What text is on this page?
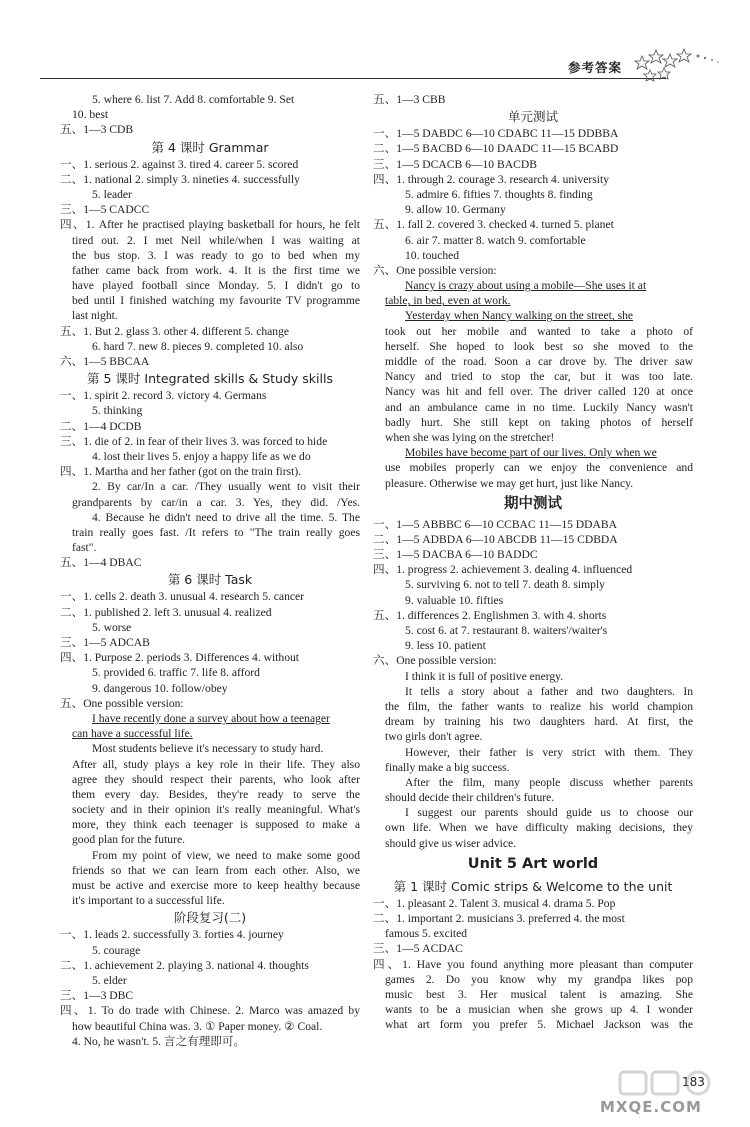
参考答案
5. where 6. list 7. Add 8. comfortable 9. Set
10. best
五、1—3 CDB
第 4 课时 Grammar
一、1. serious 2. against 3. tired 4. career 5. scored
二、1. national 2. simply 3. nineties 4. successfully
5. leader
三、1—5 CADCC
四、1. After he practised playing basketball for hours, he felt
tired out. 2. I met Neil while/when I was waiting at
the bus stop. 3. I was ready to go to bed when my
father came back from work. 4. It is the first time we
have played football since Monday. 5. I didn't go to
bed until I finished watching my favourite TV programme
last night.
五、1. But 2. glass 3. other 4. different 5. change
6. hard 7. new 8. pieces 9. completed 10. also
六、1—5 BBCAA
第 5 课时 Integrated skills & Study skills
一、1. spirit 2. record 3. victory 4. Germans
5. thinking
二、1—4 DCDB
三、1. die of 2. in fear of their lives 3. was forced to hide
4. lost their lives 5. enjoy a happy life as we do
四、1. Martha and her father (got on the train first).
2. By car/In a car. /They usually went to visit their
grandparents by car/in a car. 3. Yes, they did. /Yes.
4. Because he didn't need to drive all the time. 5. The
train really goes fast. /It refers to "The train really goes
fast".
五、1—4 DBAC
第 6 课时 Task
一、1. cells 2. death 3. unusual 4. research 5. cancer
二、1. published 2. left 3. unusual 4. realized
5. worse
三、1—5 ADCAB
四、1. Purpose 2. periods 3. Differences 4. without
5. provided 6. traffic 7. life 8. afford
9. dangerous 10. follow/obey
五、One possible version:
I have recently done a survey about how a teenager
can have a successful life.
Most students believe it's necessary to study hard.
After all, study plays a key role in their life. They also
agree they should respect their parents, who look after
them every day. Besides, they're ready to serve the
society and in their opinion it's really meaningful. What's
more, they think each teenager is supposed to make a
good plan for the future.
From my point of view, we need to make some good
friends so that we can learn from each other. Also, we
must be active and exercise more to keep healthy because
it's important to a successful life.
阶段复习(二)
一、1. leads 2. successfully 3. forties 4. journey
5. courage
二、1. achievement 2. playing 3. national 4. thoughts
5. elder
三、1—3 DBC
四、1. To do trade with Chinese. 2. Marco was amazed by
how beautiful China was. 3. ① Paper money. ② Coal.
4. No, he wasn't. 5. 言之有理即可。
五、1—3 CBB
单元测试
一、1—5 DABDC 6—10 CDABC 11—15 DDBBA
二、1—5 BACBD 6—10 DAADC 11—15 BCABD
三、1—5 DCACB 6—10 BACDB
四、1. through 2. courage 3. research 4. university
5. admire 6. fifties 7. thoughts 8. finding
9. allow 10. Germany
五、1. fall 2. covered 3. checked 4. turned 5. planet
6. air 7. matter 8. watch 9. comfortable
10. touched
六、One possible version:
Nancy is crazy about using a mobile—She uses it at
table, in bed, even at work.
Yesterday when Nancy walking on the street, she
took out her mobile and wanted to take a photo of
herself. She hoped to look best so she moved to the
middle of the road. Soon a car drove by. The driver saw
Nancy and tried to stop the car, but it was too late.
Nancy was hit and fell over. The driver called 120 at once
and an ambulance came in no time. Luckily Nancy wasn't
badly hurt. She still kept on taking photos of herself
when she was lying on the stretcher!
Mobiles have become part of our lives. Only when we
use mobiles properly can we enjoy the convenience and
pleasure. Otherwise we may get hurt, just like Nancy.
期中测试
一、1—5 ABBBC 6—10 CCBAC 11—15 DDABA
二、1—5 ADBDA 6—10 ABCDB 11—15 CDBDA
三、1—5 DACBA 6—10 BADDC
四、1. progress 2. achievement 3. dealing 4. influenced
5. surviving 6. not to tell 7. death 8. simply
9. valuable 10. fifties
五、1. differences 2. Englishmen 3. with 4. shorts
5. cost 6. at 7. restaurant 8. waiters'/waiter's
9. less 10. patient
六、One possible version:
I think it is full of positive energy.
It tells a story about a father and two daughters. In
the film, the father wants to realize his world champion
dream by training his two daughters hard. At first, the
two girls don't agree.
However, their father is very strict with them. They
finally make a big success.
After the film, many people discuss whether parents
should decide their children's future.
I suggest our parents should guide us to choose our
own life. When we have difficulty making decisions, they
should give us wiser advice.
Unit 5 Art world
第 1 课时 Comic strips & Welcome to the unit
一、1. pleasant 2. Talent 3. musical 4. drama 5. Pop
二、1. important 2. musicians 3. preferred 4. the most
famous 5. excited
三、1—5 ACDAC
四、1. Have you found anything more pleasant than computer
games 2. Do you know why my grandpa likes pop
music best 3. Her musical talent is amazing. She
wants to be a musician when she grows up 4. I wonder
what art form you prefer 5. Michael Jackson was the
183
MXQE.COM
